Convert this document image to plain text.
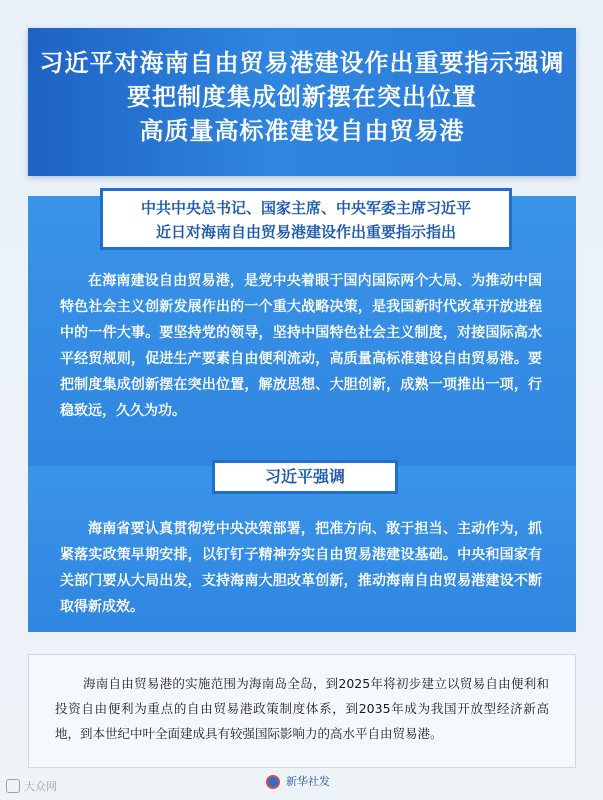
习近平对海南自由贸易港建设作出重要指示强调
要把制度集成创新摆在突出位置
高质量高标准建设自由贸易港
中共中央总书记、国家主席、中央军委主席习近平
近日对海南自由贸易港建设作出重要指示指出

在海南建设自由贸易港，是党中央着眼于国内国际两个大局、为推动中国特色社会主义创新发展作出的一个重大战略决策，是我国新时代改革开放进程中的一件大事。要坚持党的领导，坚持中国特色社会主义制度，对接国际高水平经贸规则，促进生产要素自由便利流动，高质量高标准建设自由贸易港。要把制度集成创新摆在突出位置，解放思想、大胆创新，成熟一项推出一项，行稳致远，久久为功。

习近平强调

海南省要认真贯彻党中央决策部署，把准方向、敢于担当、主动作为，抓紧落实政策早期安排，以钉钉子精神夯实自由贸易港建设基础。中央和国家有关部门要从大局出发，支持海南大胆改革创新，推动海南自由贸易港建设不断取得新成效。

海南自由贸易港的实施范围为海南岛全岛，到2025年将初步建立以贸易自由便利和投资自由便利为重点的自由贸易港政策制度体系，到2035年成为我国开放型经济新高地，到本世纪中叶全面建成具有较强国际影响力的高水平自由贸易港。

新华社发
大众网
